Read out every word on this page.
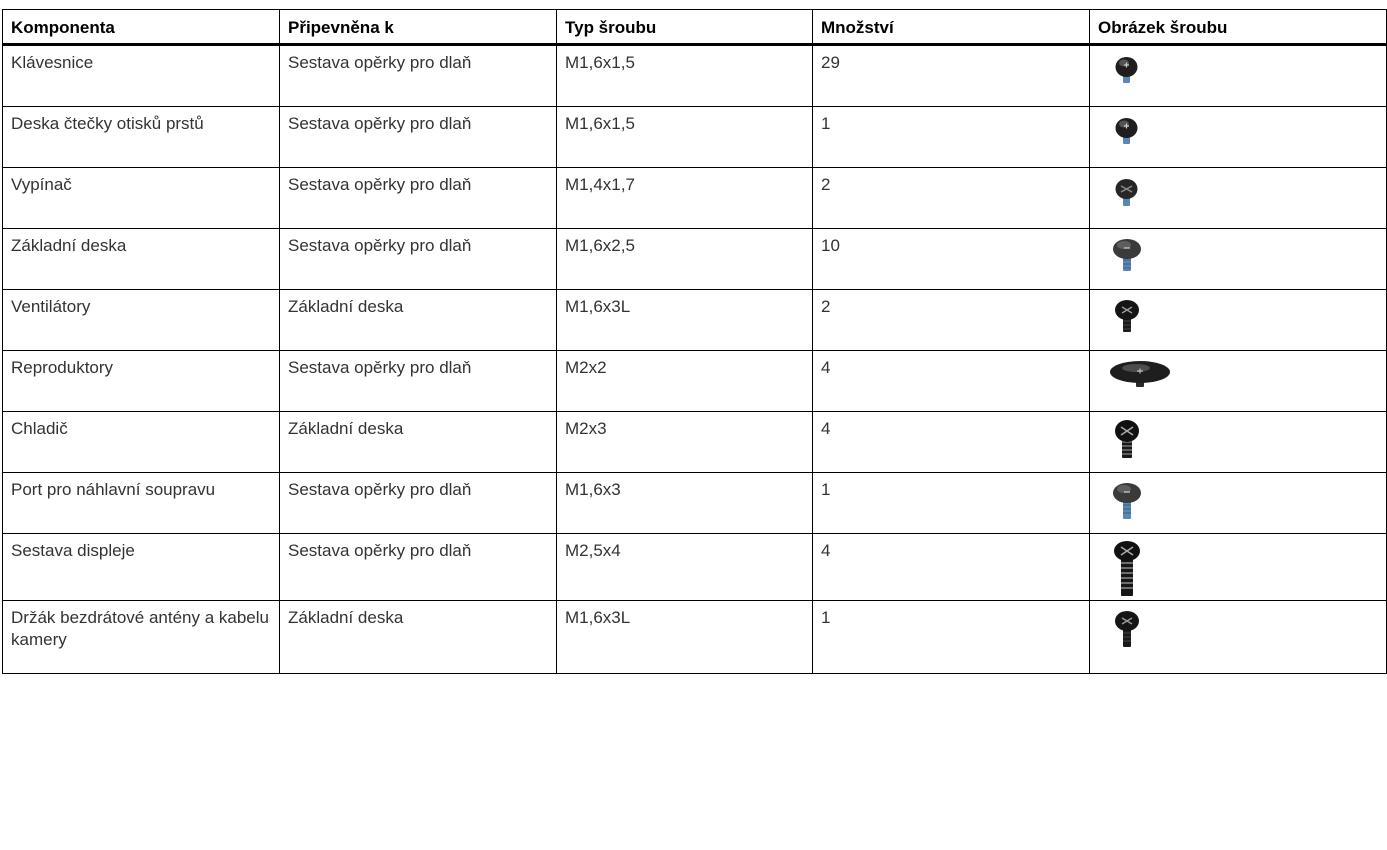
Komponenta	Připevněna k	Typ šroubu	Množství	Obrázek šroubu
Klávesnice	Sestava opěrky pro dlaň	M1,6x1,5	29	

Deska čtečky otisků prstů	Sestava opěrky pro dlaň	M1,6x1,5	1	

Vypínač	Sestava opěrky pro dlaň	M1,4x1,7	2	

Základní deska	Sestava opěrky pro dlaň	M1,6x2,5	10	

Ventilátory	Základní deska	M1,6x3L	2	

Reproduktory	Sestava opěrky pro dlaň	M2x2	4	

Chladič	Základní deska	M2x3	4	

Port pro náhlavní soupravu	Sestava opěrky pro dlaň	M1,6x3	1	

Sestava displeje	Sestava opěrky pro dlaň	M2,5x4	4	

Držák bezdrátové antény a kabelu kamery	Základní deska	M1,6x3L	1	
